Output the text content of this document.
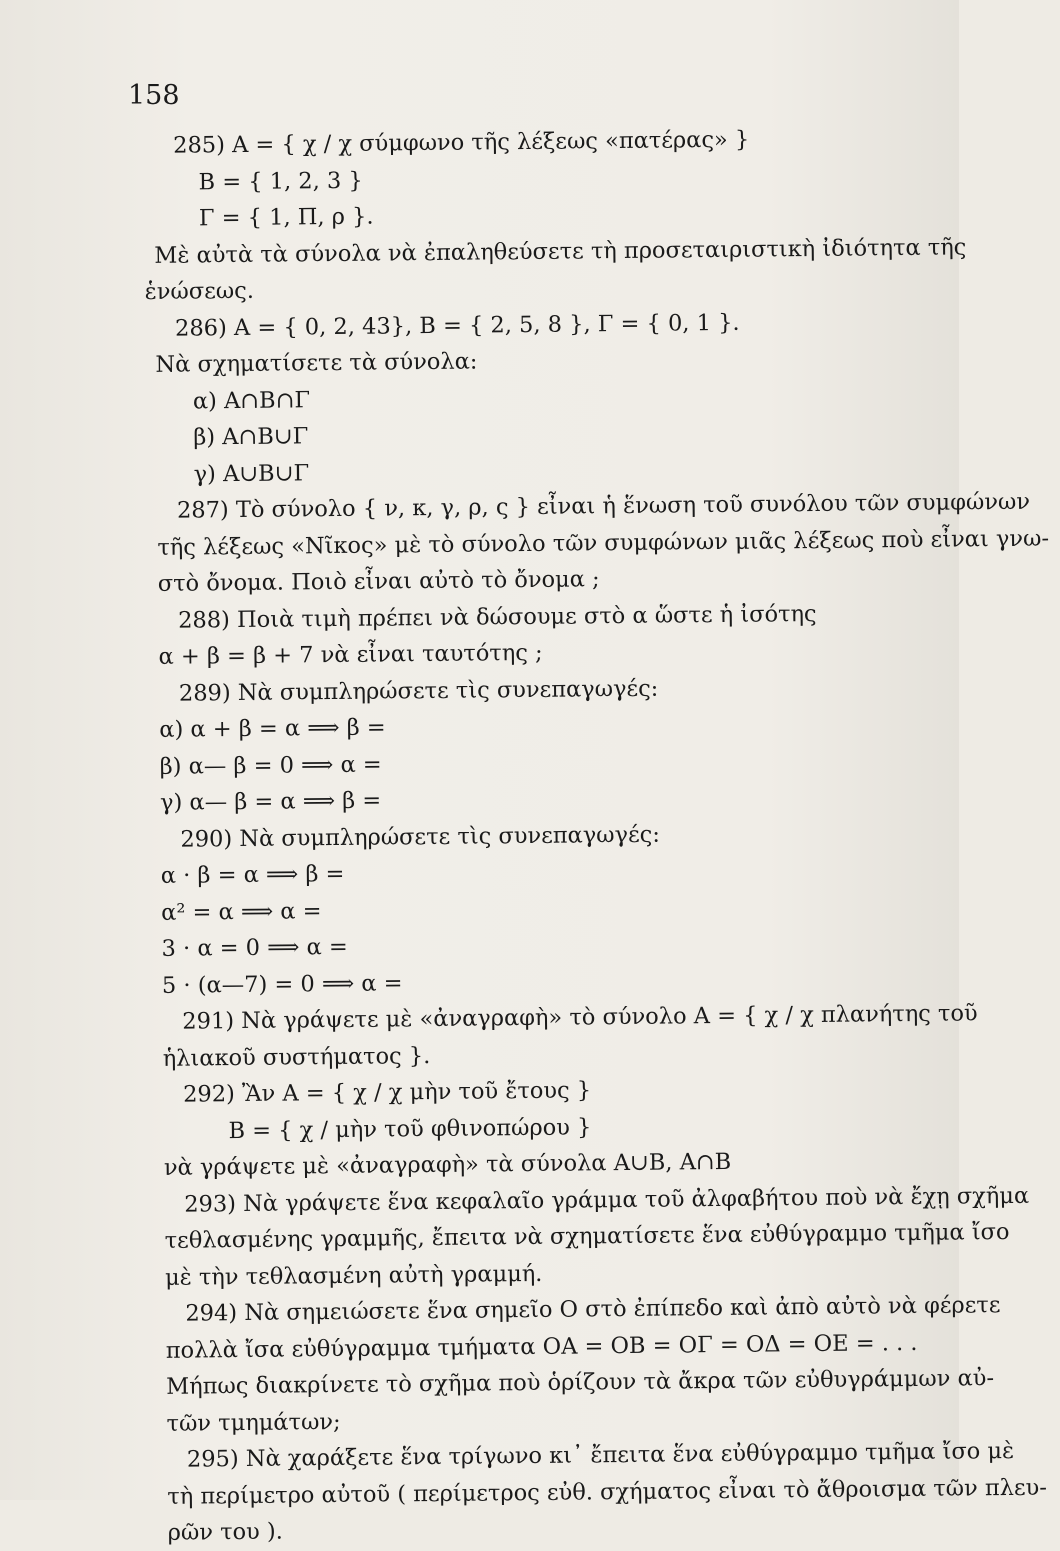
158
285) Α = { χ / χ σύμφωνο τῆς λέξεως «πατέρας» }
Β = { 1, 2, 3 }
Γ = { 1, Π, ρ }.
Μὲ αὐτὰ τὰ σύνολα νὰ ἐπαληθεύσετε τὴ προσεταιριστικὴ ἰδιότητα τῆς
ἑνώσεως.
286) Α = { 0, 2, 43}, Β = { 2, 5, 8 }, Γ = { 0, 1 }.
Νὰ σχηματίσετε τὰ σύνολα:
α) Α∩Β∩Γ
β) Α∩Β∪Γ
γ) Α∪Β∪Γ
287) Τὸ σύνολο { ν, κ, γ, ρ, ς } εἶναι ἡ ἕνωση τοῦ συνόλου τῶν συμφώνων
τῆς λέξεως «Νῖκος» μὲ τὸ σύνολο τῶν συμφώνων μιᾶς λέξεως ποὺ εἶναι γνω-
στὸ ὄνομα. Ποιὸ εἶναι αὐτὸ τὸ ὄνομα ;
288) Ποιὰ τιμὴ πρέπει νὰ δώσουμε στὸ α ὥστε ἡ ἰσότης
α + β = β + 7 νὰ εἶναι ταυτότης ;
289) Νὰ συμπληρώσετε τὶς συνεπαγωγές:
α) α + β = α ⟹ β =
β) α— β = 0 ⟹ α =
γ) α— β = α ⟹ β =
290) Νὰ συμπληρώσετε τὶς συνεπαγωγές:
α · β = α ⟹ β =
α² = α ⟹ α =
3 · α = 0 ⟹ α =
5 · (α—7) = 0 ⟹ α =
291) Νὰ γράψετε μὲ «ἀναγραφὴ» τὸ σύνολο Α = { χ / χ πλανήτης τοῦ
ἡλιακοῦ συστήματος }.
292) Ἂν Α = { χ / χ μὴν τοῦ ἔτους }
Β = { χ / μὴν τοῦ φθινοπώρου }
νὰ γράψετε μὲ «ἀναγραφὴ» τὰ σύνολα Α∪Β, Α∩Β
293) Νὰ γράψετε ἕνα κεφαλαῖο γράμμα τοῦ ἀλφαβήτου ποὺ νὰ ἔχῃ σχῆμα
τεθλασμένης γραμμῆς, ἔπειτα νὰ σχηματίσετε ἕνα εὐθύγραμμο τμῆμα ἴσο
μὲ τὴν τεθλασμένη αὐτὴ γραμμή.
294) Νὰ σημειώσετε ἕνα σημεῖο Ο στὸ ἐπίπεδο καὶ ἀπὸ αὐτὸ νὰ φέρετε
πολλὰ ἴσα εὐθύγραμμα τμήματα ΟΑ = ΟΒ = ΟΓ = ΟΔ = ΟΕ = . . .
Μήπως διακρίνετε τὸ σχῆμα ποὺ ὁρίζουν τὰ ἄκρα τῶν εὐθυγράμμων αὐ-
τῶν τμημάτων;
295) Νὰ χαράξετε ἕνα τρίγωνο κι᾽ ἔπειτα ἕνα εὐθύγραμμο τμῆμα ἴσο μὲ
τὴ περίμετρο αὐτοῦ ( περίμετρος εὐθ. σχήματος εἶναι τὸ ἄθροισμα τῶν πλευ-
ρῶν του ).
